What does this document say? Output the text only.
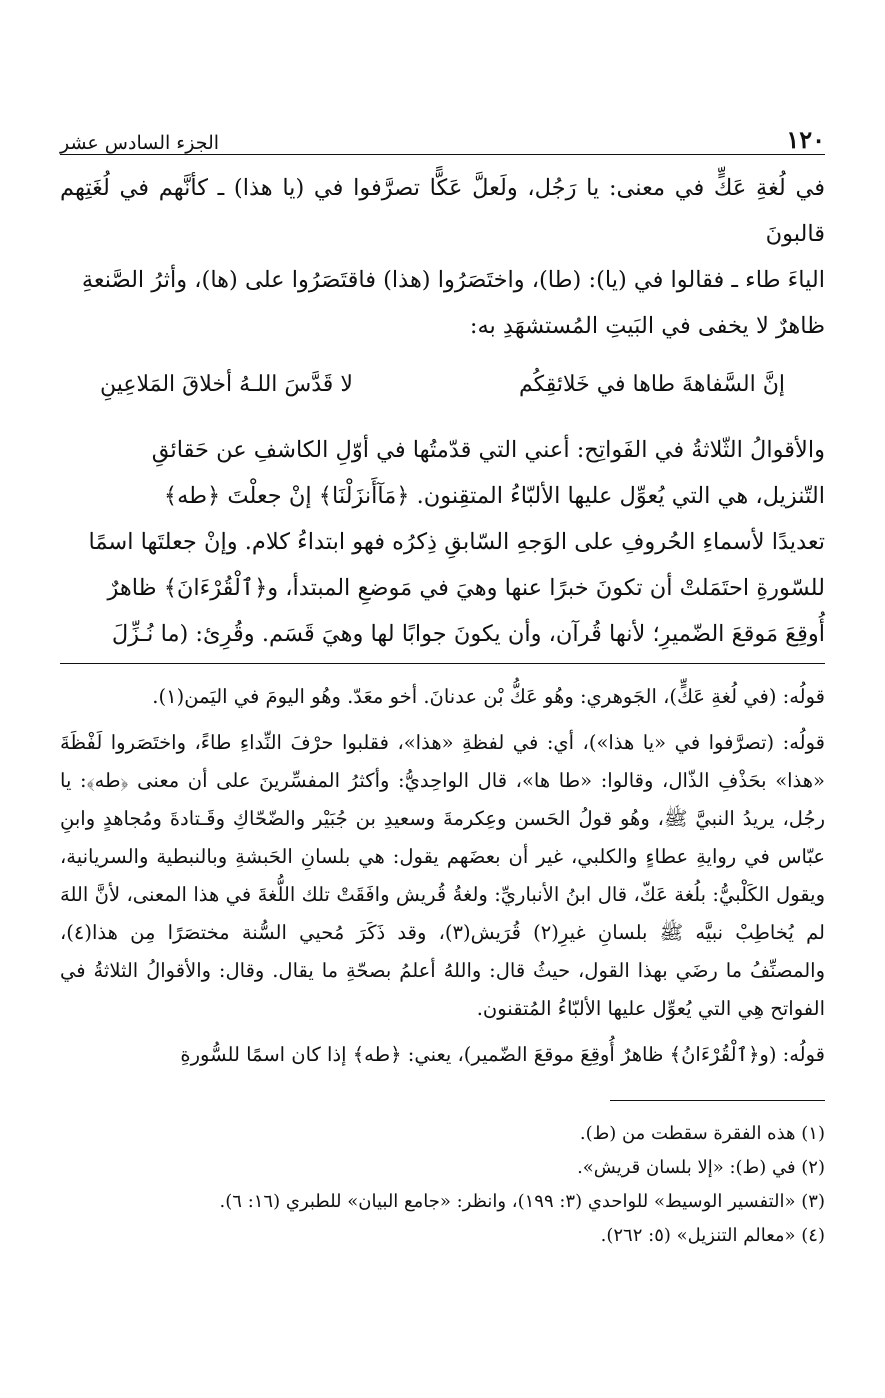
١٢٠
الجزء السادس عشر

في لُغةِ عَكٍّ في معنى: يا رَجُل، ولَعلَّ عَكًّا تصرَّفوا في (يا هذا) ـ كأنَّهم في لُغَتِهم قالبونَ

الياءَ طاء ـ فقالوا في (يا): (طا)، واختَصَرُوا (هذا) فاقتَصَرُوا على (ها)، وأثرُ الصَّنعةِ

ظاهرٌ لا يخفى في البَيتِ المُستشهَدِ به:

إنَّ السَّفاهةَ طاها في خَلائقِكُم
لا قَدَّسَ اللـهُ أخلاقَ المَلاعِينِ

والأقوالُ الثّلاثةُ في الفَواتِح: أعني التي قدّمتُها في أوّلِ الكاشفِ عن حَقائقِ

التّنزيل، هي التي يُعوِّل عليها الألبّاءُ المتقِنون. ﴿مَآأَنزَلْنَا﴾ إنْ جعلْتَ ﴿طه﴾

تعديدًا لأسماءِ الحُروفِ على الوَجهِ السّابقِ ذِكرُه فهو ابتداءُ كلام. وإنْ جعلتَها اسمًا

للسّورةِ احتَمَلتْ أن تكونَ خبرًا عنها وهيَ في مَوضعِ المبتدأ، و﴿ٱلْقُرْءَانَ﴾ ظاهرٌ

أُوقِعَ مَوقعَ الضّميرِ؛ لأنها قُرآن، وأن يكونَ جوابًا لها وهيَ قَسَم. وقُرِئ: (ما نُـزِّلَ

قولُه: (في لُغةِ عَكٍّ)، الجَوهري: وهُو عَكُّ بْن عدنانَ. أخو معَدّ. وهُو اليومَ في اليَمن(١).

قولُه: (تصرَّفوا في «يا هذا»)، أي: في لفظةِ «هذا»، فقلبوا حرْفَ النِّداءِ طاءً، واختَصَروا لَفْظَةَ «هذا» بحَذْفِ الذّال، وقالوا: «طا ها»، قال الواحِديُّ: وأكثرُ المفسِّرينَ على أن معنى ﴿طه﴾: يا رجُل، يريدُ النبيَّ ﷺ، وهُو قولُ الحَسن وعِكرمةَ وسعيدِ بن جُبَيْر والضّحّاكِ وقَـتادةَ ومُجاهدٍ وابنِ عبّاس في روايةِ عطاءٍ والكلبي، غير أن بعضَهم يقول: هي بلسانِ الحَبشةِ وبالنبطية والسريانية، ويقول الكَلْبيُّ: بلُغة عَكّ، قال ابنُ الأنباريِّ: ولغةُ قُريش وافَقَتْ تلك اللُّغةَ في هذا المعنى، لأنَّ اللهَ لم يُخاطِبْ نبيَّه ﷺ بلسانِ غيرِ(٢) قُرَيش(٣)، وقد ذَكَرَ مُحيي السُّنة مختصَرًا مِن هذا(٤)، والمصنِّفُ ما رضَي بهذا القول، حيثُ قال: واللهُ أعلمُ بصحّةِ ما يقال. وقال: والأقوالُ الثلاثةُ في الفواتح هِي التي يُعوِّل عليها الألبّاءُ المُتقنون.

قولُه: (و﴿ٱلْقُرْءَانُ﴾ ظاهرٌ أُوقِعَ موقعَ الضّمير)، يعني: ﴿طه﴾ إذا كان اسمًا للسُّورةِ

(١) هذه الفقرة سقطت من (ط).

(٢) في (ط): «إلا بلسان قريش».

(٣) «التفسير الوسيط» للواحدي (٣: ١٩٩)، وانظر: «جامع البيان» للطبري (١٦: ٦).

(٤) «معالم التنزيل» (٥: ٢٦٢).
